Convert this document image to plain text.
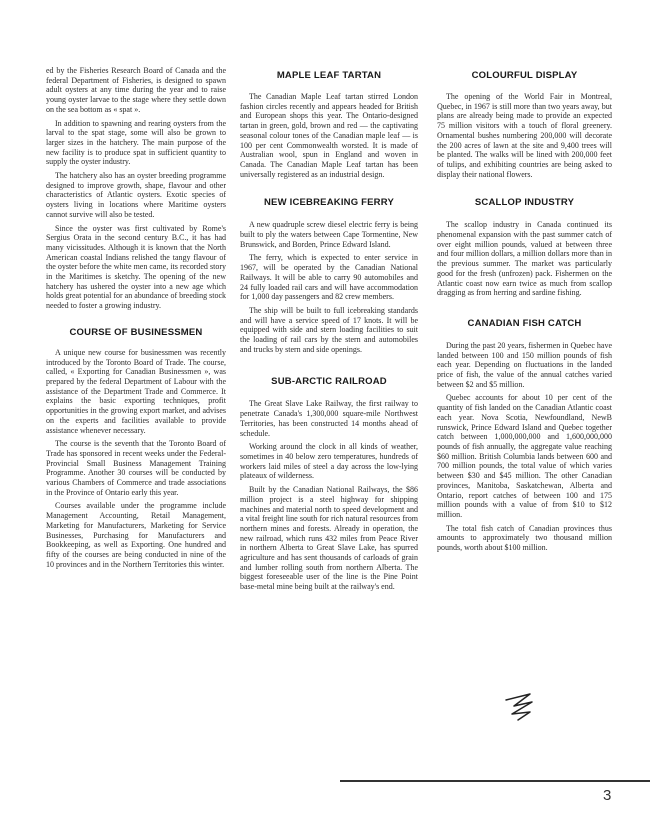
ed by the Fisheries Research Board of Canada and the federal Department of Fisheries, is designed to spawn adult oysters at any time during the year and to raise young oyster larvae to the stage where they settle down on the sea bottom as « spat ».

In addition to spawning and rearing oysters from the larval to the spat stage, some will also be grown to larger sizes in the hatchery. The main purpose of the new facility is to produce spat in sufficient quantity to supply the oyster industry.

The hatchery also has an oyster breeding programme designed to improve growth, shape, flavour and other characteristics of Atlantic oysters. Exotic species of oysters living in locations where Maritime oysters cannot survive will also be tested.

Since the oyster was first cultivated by Rome's Sergius Orata in the second century B.C., it has had many vicissitudes. Although it is known that the North American coastal Indians relished the tangy flavour of the oyster before the white men came, its recorded story in the Maritimes is sketchy. The opening of the new hatchery has ushered the oyster into a new age which holds great potential for an abundance of breeding stock needed to foster a growing industry.

COURSE OF BUSINESSMEN

A unique new course for businessmen was recently introduced by the Toronto Board of Trade. The course, called, « Exporting for Canadian Businessmen », was prepared by the federal Department of Labour with the assistance of the Department Trade and Commerce. It explains the basic exporting techniques, profit opportunities in the growing export market, and advises on the experts and facilities available to provide assistance whenever necessary.

The course is the seventh that the Toronto Board of Trade has sponsored in recent weeks under the Federal-Provincial Small Business Management Training Programme. Another 30 courses will be conducted by various Chambers of Commerce and trade associations in the Province of Ontario early this year.

Courses available under the programme include Management Accounting, Retail Management, Marketing for Manufacturers, Marketing for Service Businesses, Purchasing for Manufacturers and Bookkeeping, as well as Exporting. One hundred and fifty of the courses are being conducted in nine of the 10 provinces and in the Northern Territories this winter.

MAPLE LEAF TARTAN

The Canadian Maple Leaf tartan stirred London fashion circles recently and appears headed for British and European shops this year. The Ontario-designed tartan in green, gold, brown and red — the captivating seasonal colour tones of the Canadian maple leaf — is 100 per cent Commonwealth worsted. It is made of Australian wool, spun in England and woven in Canada. The Canadian Maple Leaf tartan has been universally registered as an industrial design.

NEW ICEBREAKING FERRY

A new quadruple screw diesel electric ferry is being built to ply the waters between Cape Tormentine, New Brunswick, and Borden, Prince Edward Island.

The ferry, which is expected to enter service in 1967, will be operated by the Canadian National Railways. It will be able to carry 90 automobiles and 24 fully loaded rail cars and will have accommodation for 1,000 day passengers and 82 crew members.

The ship will be built to full icebreaking standards and will have a service speed of 17 knots. It will be equipped with side and stern loading facilities to suit the loading of rail cars by the stern and automobiles and trucks by stern and side openings.

SUB-ARCTIC RAILROAD

The Great Slave Lake Railway, the first railway to penetrate Canada's 1,300,000 square-mile Northwest Territories, has been constructed 14 months ahead of schedule.

Working around the clock in all kinds of weather, sometimes in 40 below zero temperatures, hundreds of workers laid miles of steel a day across the low-lying plateaux of wilderness.

Built by the Canadian National Railways, the $86 million project is a steel highway for shipping machines and material north to speed development and a vital freight line south for rich natural resources from northern mines and forests. Already in operation, the new railroad, which runs 432 miles from Peace River in northern Alberta to Great Slave Lake, has spurred agriculture and has sent thousands of carloads of grain and lumber rolling south from northern Alberta. The biggest foreseeable user of the line is the Pine Point base-metal mine being built at the railway's end.

COLOURFUL DISPLAY

The opening of the World Fair in Montreal, Quebec, in 1967 is still more than two years away, but plans are already being made to provide an expected 75 million visitors with a touch of floral greenery. Ornamental bushes numbering 200,000 will decorate the 200 acres of lawn at the site and 9,400 trees will be planted. The walks will be lined with 200,000 feet of tulips, and exhibiting countries are being asked to display their national flowers.

SCALLOP INDUSTRY

The scallop industry in Canada continued its phenomenal expansion with the past summer catch of over eight million pounds, valued at between three and four million dollars, a million dollars more than in the previous summer. The market was particularly good for the fresh (unfrozen) pack. Fishermen on the Atlantic coast now earn twice as much from scallop dragging as from herring and sardine fishing.

CANADIAN FISH CATCH

During the past 20 years, fishermen in Quebec have landed between 100 and 150 million pounds of fish each year. Depending on fluctuations in the landed price of fish, the value of the annual catches varied between $2 and $5 million.

Quebec accounts for about 10 per cent of the quantity of fish landed on the Canadian Atlantic coast each year. Nova Scotia, Newfoundland, NewB runswick, Prince Edward Island and Quebec together catch between 1,000,000,000 and 1,600,000,000 pounds of fish annually, the aggregate value reaching $60 million. British Columbia lands between 600 and 700 million pounds, the total value of which varies between $30 and $45 million. The other Canadian provinces, Manitoba, Saskatchewan, Alberta and Ontario, report catches of between 100 and 175 million pounds with a value of from $10 to $12 million.

The total fish catch of Canadian provinces thus amounts to approximately two thousand million pounds, worth about $100 million.

3
